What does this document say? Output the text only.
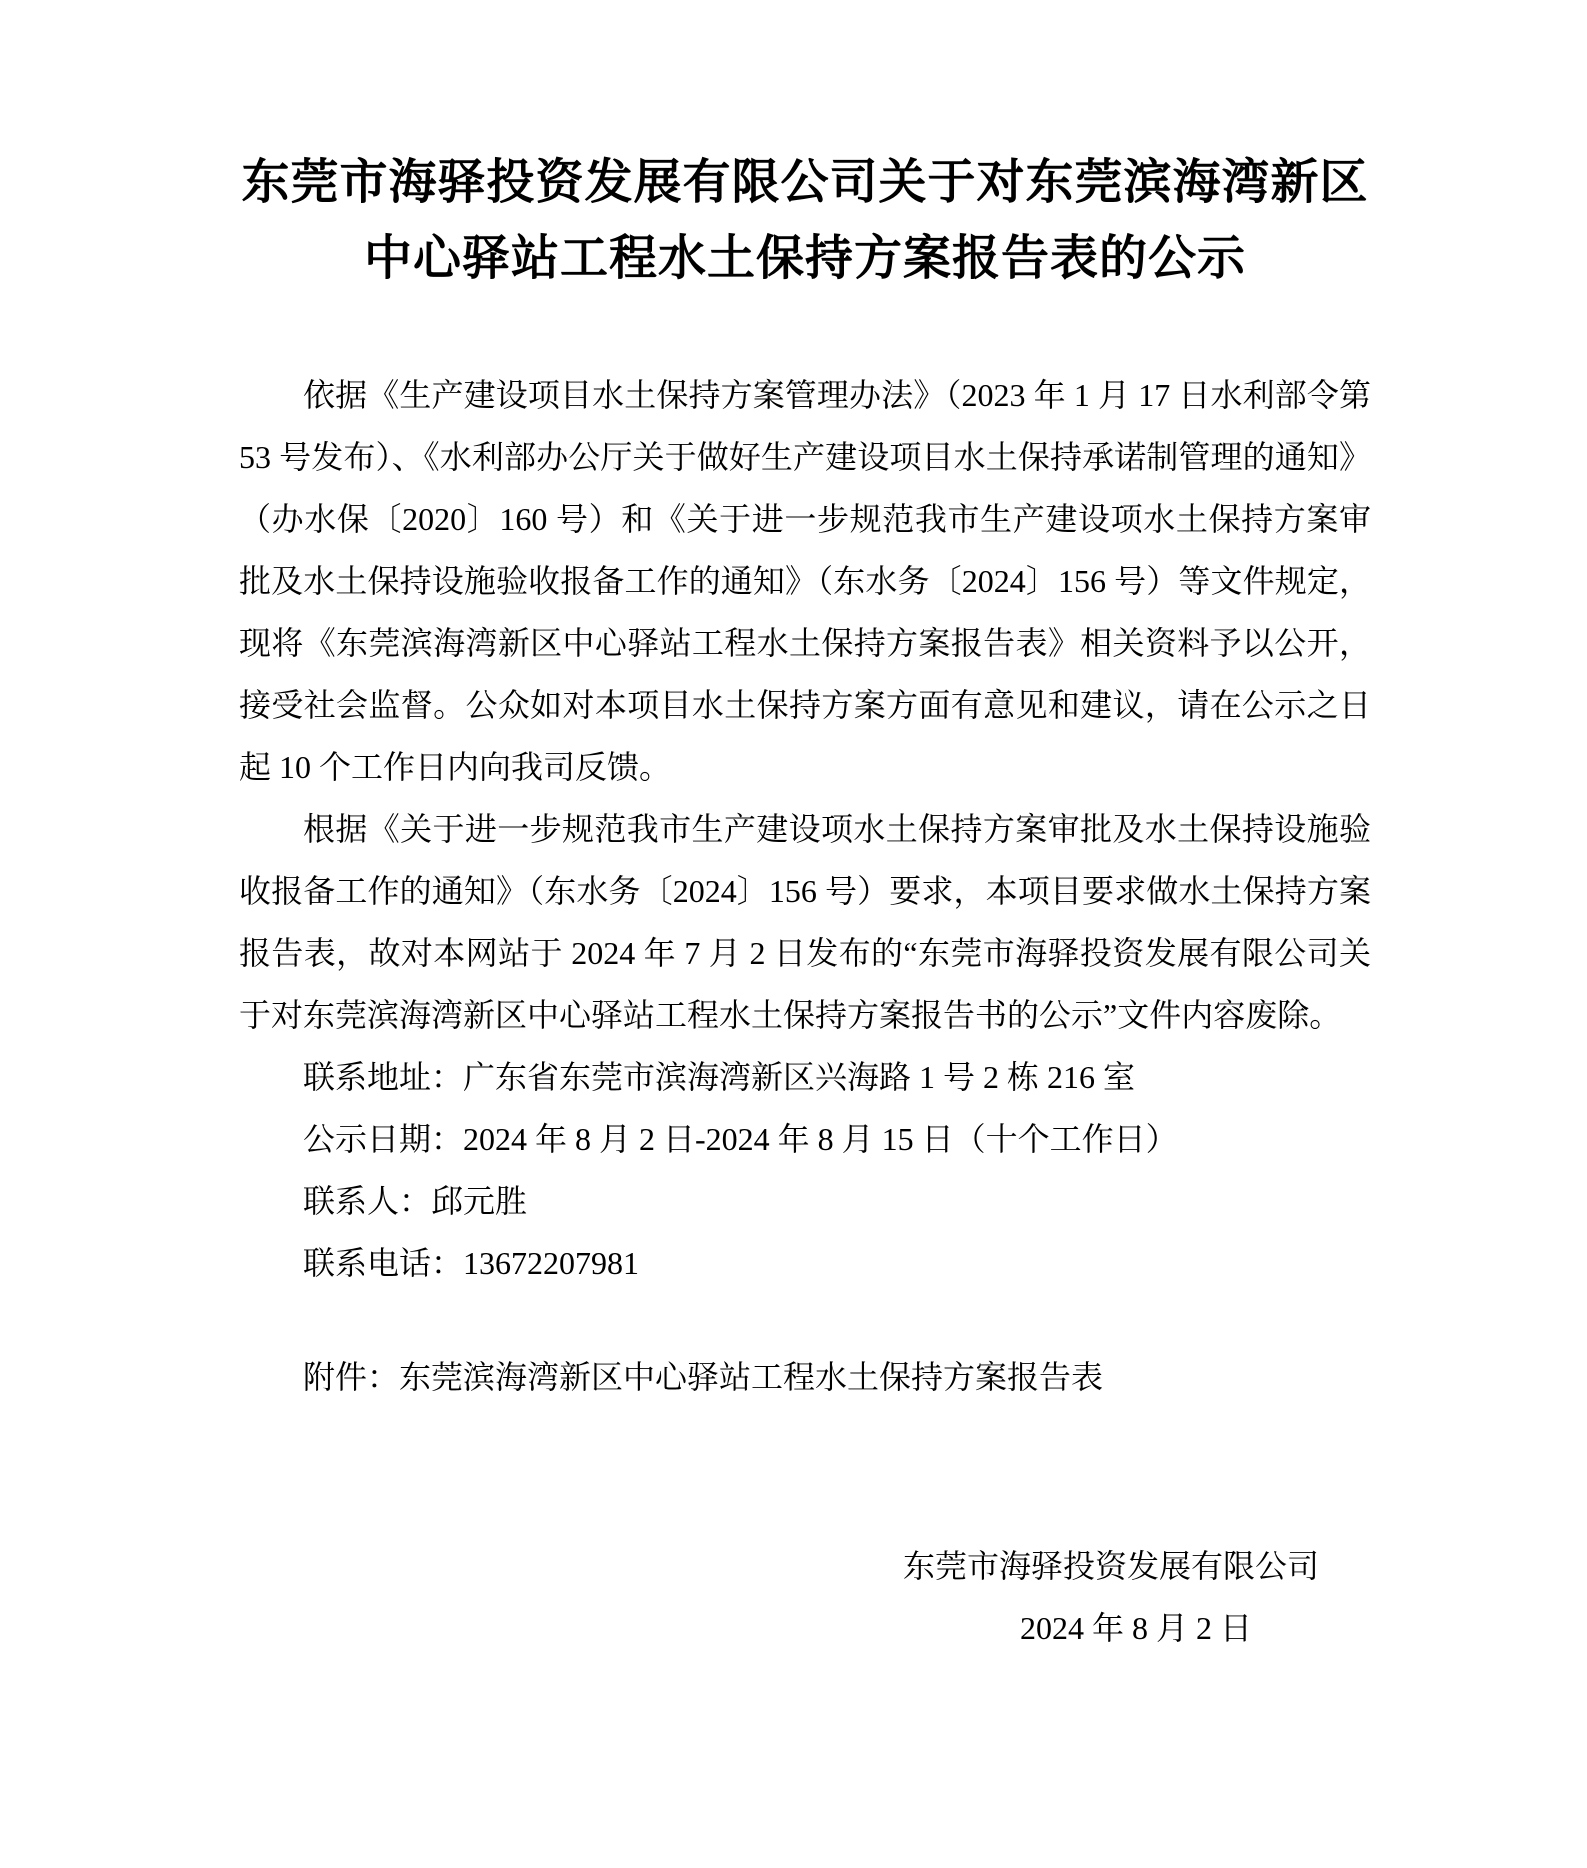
东莞市海驿投资发展有限公司关于对东莞滨海湾新区
中心驿站工程水土保持方案报告表的公示

依据《生产建设项目水土保持方案管理办法》（2023 年 1 月 17 日水利部令第 53 号发布）、《水利部办公厅关于做好生产建设项目水土保持承诺制管理的通知》（办水保〔2020〕160 号）和《关于进一步规范我市生产建设项水土保持方案审批及水土保持设施验收报备工作的通知》（东水务〔2024〕156 号）等文件规定，现将《东莞滨海湾新区中心驿站工程水土保持方案报告表》相关资料予以公开，接受社会监督。公众如对本项目水土保持方案方面有意见和建议，请在公示之日起 10 个工作日内向我司反馈。

根据《关于进一步规范我市生产建设项水土保持方案审批及水土保持设施验收报备工作的通知》（东水务〔2024〕156 号）要求，本项目要求做水土保持方案报告表，故对本网站于 2024 年 7 月 2 日发布的“东莞市海驿投资发展有限公司关于对东莞滨海湾新区中心驿站工程水土保持方案报告书的公示”文件内容废除。

联系地址：广东省东莞市滨海湾新区兴海路 1 号 2 栋 216 室

公示日期：2024 年 8 月 2 日-2024 年 8 月 15 日（十个工作日）

联系人：邱元胜

联系电话：13672207981

附件：东莞滨海湾新区中心驿站工程水土保持方案报告表

东莞市海驿投资发展有限公司

2024 年 8 月 2 日
